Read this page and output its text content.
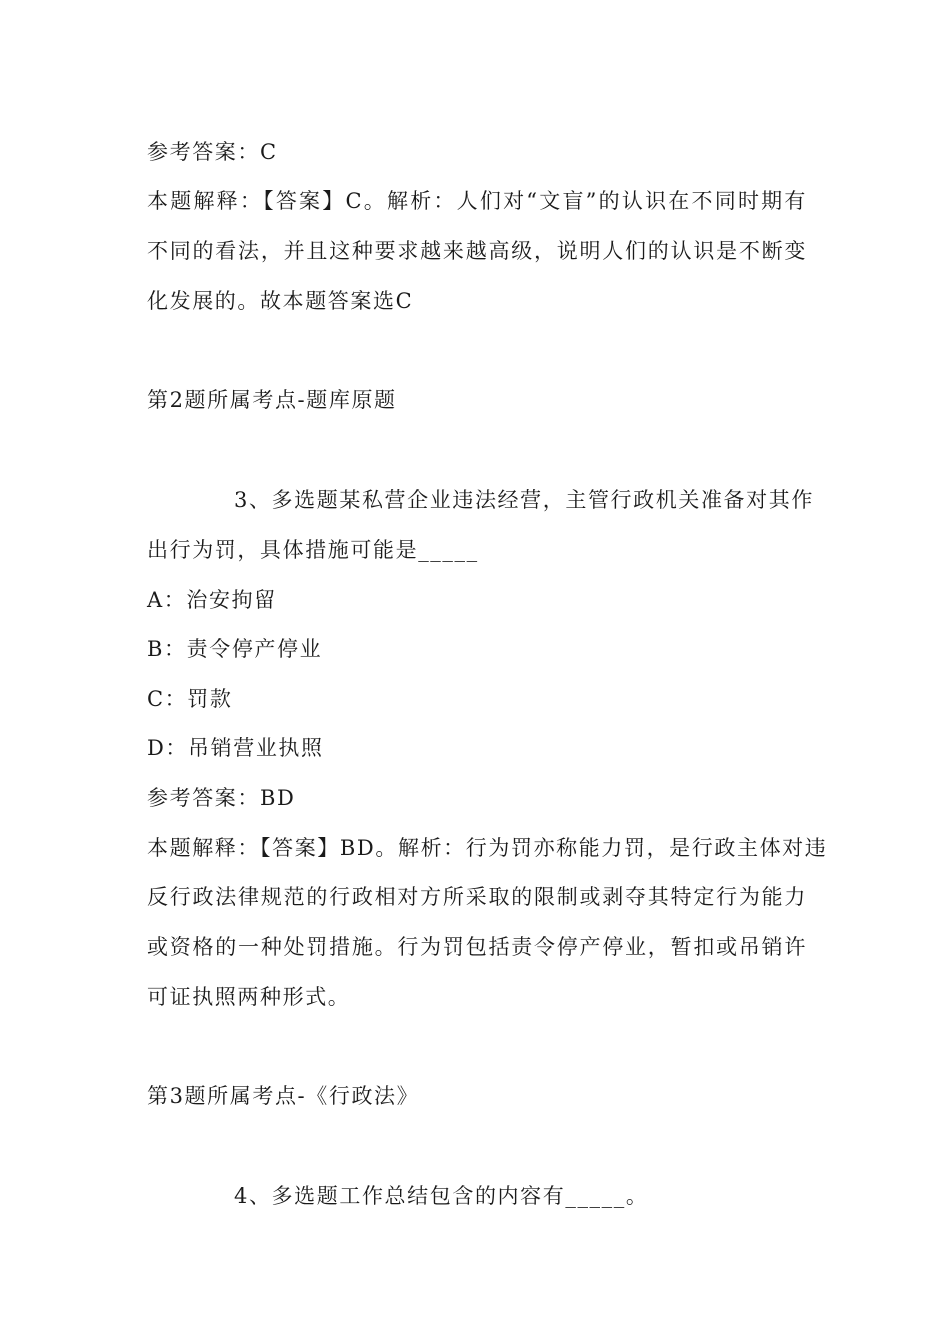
参考答案：C
本题解释：【答案】C。解析：人们对“文盲”的认识在不同时期有
不同的看法，并且这种要求越来越高级，说明人们的认识是不断变
化发展的。故本题答案选C
第2题所属考点-题库原题
3、多选题某私营企业违法经营，主管行政机关准备对其作
出行为罚，具体措施可能是_____
A：治安拘留
B：责令停产停业
C：罚款
D：吊销营业执照
参考答案：BD
本题解释：【答案】BD。解析：行为罚亦称能力罚，是行政主体对违
反行政法律规范的行政相对方所采取的限制或剥夺其特定行为能力
或资格的一种处罚措施。行为罚包括责令停产停业，暂扣或吊销许
可证执照两种形式。
第3题所属考点-《行政法》
4、多选题工作总结包含的内容有_____。
